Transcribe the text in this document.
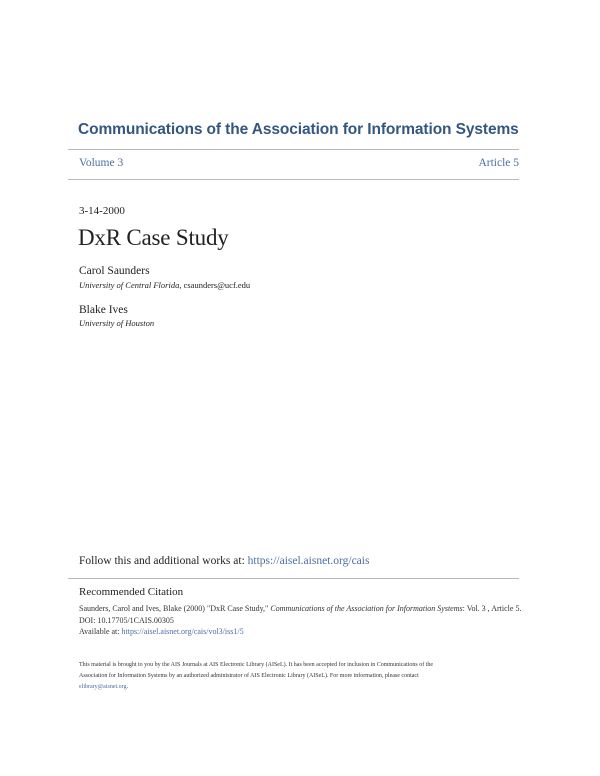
Communications of the Association for Information Systems
Volume 3	Article 5
3-14-2000
DxR Case Study
Carol Saunders
University of Central Florida, csaunders@ucf.edu
Blake Ives
University of Houston
Follow this and additional works at: https://aisel.aisnet.org/cais
Recommended Citation
Saunders, Carol and Ives, Blake (2000) "DxR Case Study," Communications of the Association for Information Systems: Vol. 3 , Article 5.
DOI: 10.17705/1CAIS.00305
Available at: https://aisel.aisnet.org/cais/vol3/iss1/5
This material is brought to you by the AIS Journals at AIS Electronic Library (AISeL). It has been accepted for inclusion in Communications of the
Association for Information Systems by an authorized administrator of AIS Electronic Library (AISeL). For more information, please contact
elibrary@aisnet.org.
